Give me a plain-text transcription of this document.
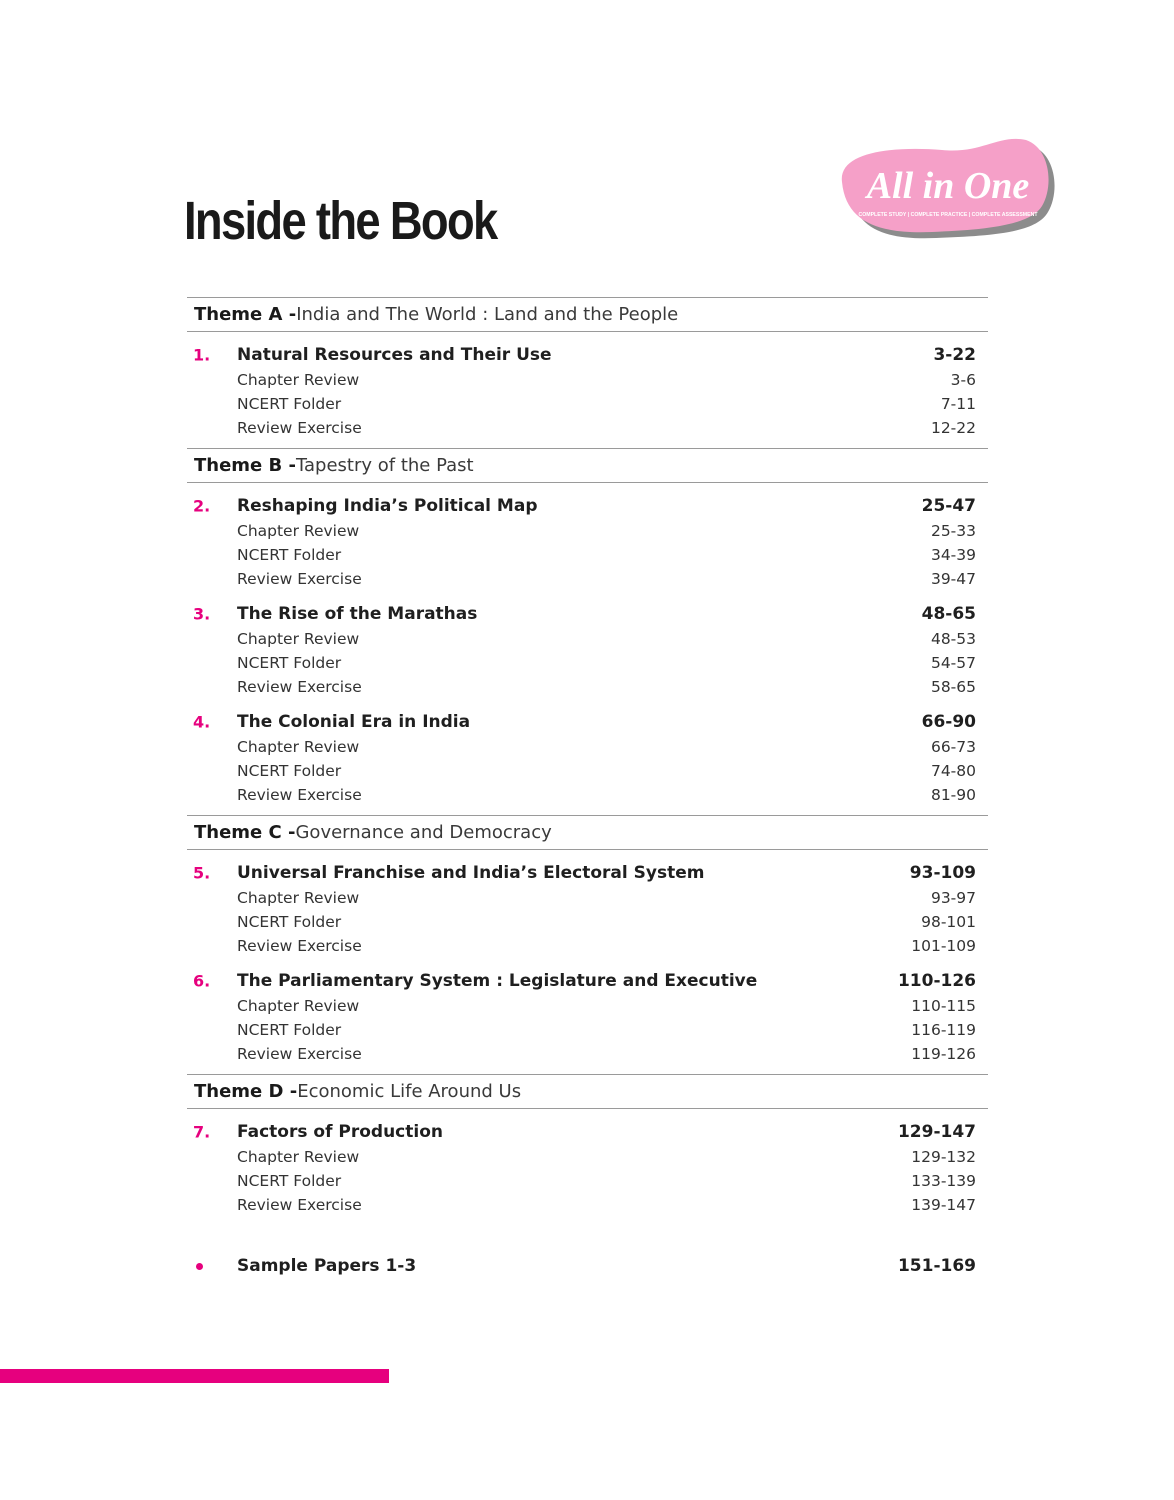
Inside the Book
All in One
COMPLETE STUDY | COMPLETE PRACTICE | COMPLETE ASSESSMENT
Theme A - India and The World : Land and the People
1. Natural Resources and Their Use	3-22
Chapter Review	3-6
NCERT Folder	7-11
Review Exercise	12-22
Theme B - Tapestry of the Past
2. Reshaping India’s Political Map	25-47
Chapter Review	25-33
NCERT Folder	34-39
Review Exercise	39-47
3. The Rise of the Marathas	48-65
Chapter Review	48-53
NCERT Folder	54-57
Review Exercise	58-65
4. The Colonial Era in India	66-90
Chapter Review	66-73
NCERT Folder	74-80
Review Exercise	81-90
Theme C - Governance and Democracy
5. Universal Franchise and India’s Electoral System	93-109
Chapter Review	93-97
NCERT Folder	98-101
Review Exercise	101-109
6. The Parliamentary System : Legislature and Executive	110-126
Chapter Review	110-115
NCERT Folder	116-119
Review Exercise	119-126
Theme D - Economic Life Around Us
7. Factors of Production	129-147
Chapter Review	129-132
NCERT Folder	133-139
Review Exercise	139-147
Sample Papers 1-3	151-169
